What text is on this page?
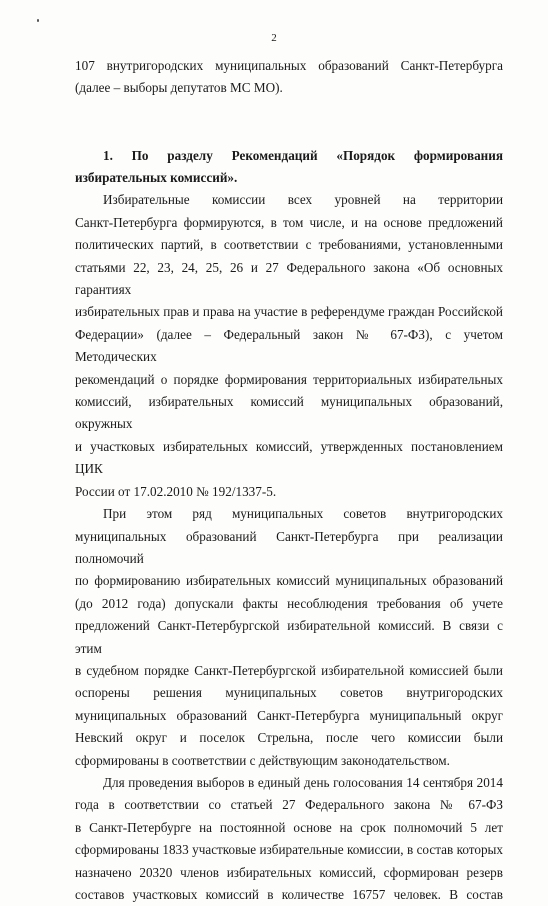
2

107 внутригородских муниципальных образований Санкт-Петербурга

(далее – выборы депутатов МС МО).

1. По разделу Рекомендаций «Порядок формирования

избирательных комиссий».

Избирательные комиссии всех уровней на территории

Санкт-Петербурга формируются, в том числе, и на основе предложений

политических партий, в соответствии с требованиями, установленными

статьями 22, 23, 24, 25, 26 и 27 Федерального закона «Об основных гарантиях

избирательных прав и права на участие в референдуме граждан Российской

Федерации» (далее – Федеральный закон № 67-ФЗ), с учетом Методических

рекомендаций о порядке формирования территориальных избирательных

комиссий, избирательных комиссий муниципальных образований, окружных

и участковых избирательных комиссий, утвержденных постановлением ЦИК

России от 17.02.2010 № 192/1337-5.

При этом ряд муниципальных советов внутригородских

муниципальных образований Санкт-Петербурга при реализации полномочий

по формированию избирательных комиссий муниципальных образований

(до 2012 года) допускали факты несоблюдения требования об учете

предложений Санкт-Петербургской избирательной комиссий. В связи с этим

в судебном порядке Санкт-Петербургской избирательной комиссией были

оспорены решения муниципальных советов внутригородских

муниципальных образований Санкт-Петербурга муниципальный округ

Невский округ и поселок Стрельна, после чего комиссии были

сформированы в соответствии с действующим законодательством.

Для проведения выборов в единый день голосования 14 сентября 2014

года в соответствии со статьей 27 Федерального закона № 67-ФЗ

в Санкт-Петербурге на постоянной основе на срок полномочий 5 лет

сформированы 1833 участковые избирательные комиссии, в состав которых

назначено 20320 членов избирательных комиссий, сформирован резерв

составов участковых комиссий в количестве 16757 человек. В состав
